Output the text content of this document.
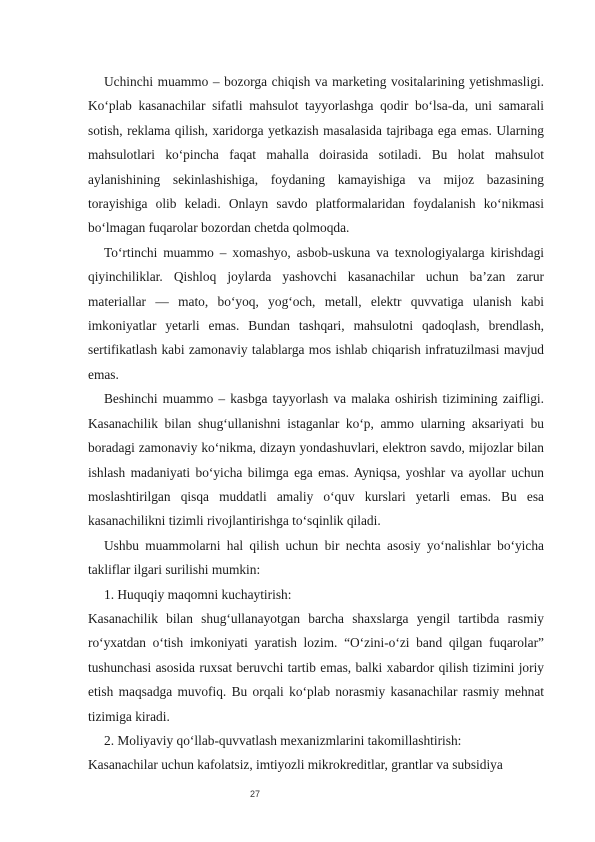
Uchinchi muammo – bozorga chiqish va marketing vositalarining yetishmasligi. Ko‘plab kasanachilar sifatli mahsulot tayyorlashga qodir bo‘lsa-da, uni samarali sotish, reklama qilish, xaridorga yetkazish masalasida tajribaga ega emas. Ularning mahsulotlari ko‘pincha faqat mahalla doirasida sotiladi. Bu holat mahsulot aylanishining sekinlashishiga, foydaning kamayishiga va mijoz bazasining torayishiga olib keladi. Onlayn savdo platformalaridan foydalanish ko‘nikmasi bo‘lmagan fuqarolar bozordan chetda qolmoqda.

To‘rtinchi muammo – xomashyo, asbob-uskuna va texnologiyalarga kirishdagi qiyinchiliklar. Qishloq joylarda yashovchi kasanachilar uchun ba’zan zarur materiallar — mato, bo‘yoq, yog‘och, metall, elektr quvvatiga ulanish kabi imkoniyatlar yetarli emas. Bundan tashqari, mahsulotni qadoqlash, brendlash, sertifikatlash kabi zamonaviy talablarga mos ishlab chiqarish infratuzilmasi mavjud emas.

Beshinchi muammo – kasbga tayyorlash va malaka oshirish tizimining zaifligi. Kasanachilik bilan shug‘ullanishni istaganlar ko‘p, ammo ularning aksariyati bu boradagi zamonaviy ko‘nikma, dizayn yondashuvlari, elektron savdo, mijozlar bilan ishlash madaniyati bo‘yicha bilimga ega emas. Ayniqsa, yoshlar va ayollar uchun moslashtirilgan qisqa muddatli amaliy o‘quv kurslari yetarli emas. Bu esa kasanachilikni tizimli rivojlantirishga to‘sqinlik qiladi.

Ushbu muammolarni hal qilish uchun bir nechta asosiy yo‘nalishlar bo‘yicha takliflar ilgari surilishi mumkin:

1. Huquqiy maqomni kuchaytirish:

Kasanachilik bilan shug‘ullanayotgan barcha shaxslarga yengil tartibda rasmiy ro‘yxatdan o‘tish imkoniyati yaratish lozim. “O‘zini-o‘zi band qilgan fuqarolar” tushunchasi asosida ruxsat beruvchi tartib emas, balki xabardor qilish tizimini joriy etish maqsadga muvofiq. Bu orqali ko‘plab norasmiy kasanachilar rasmiy mehnat tizimiga kiradi.

2. Moliyaviy qo‘llab-quvvatlash mexanizmlarini takomillashtirish:

Kasanachilar uchun kafolatsiz, imtiyozli mikrokreditlar, grantlar va subsidiya

27
